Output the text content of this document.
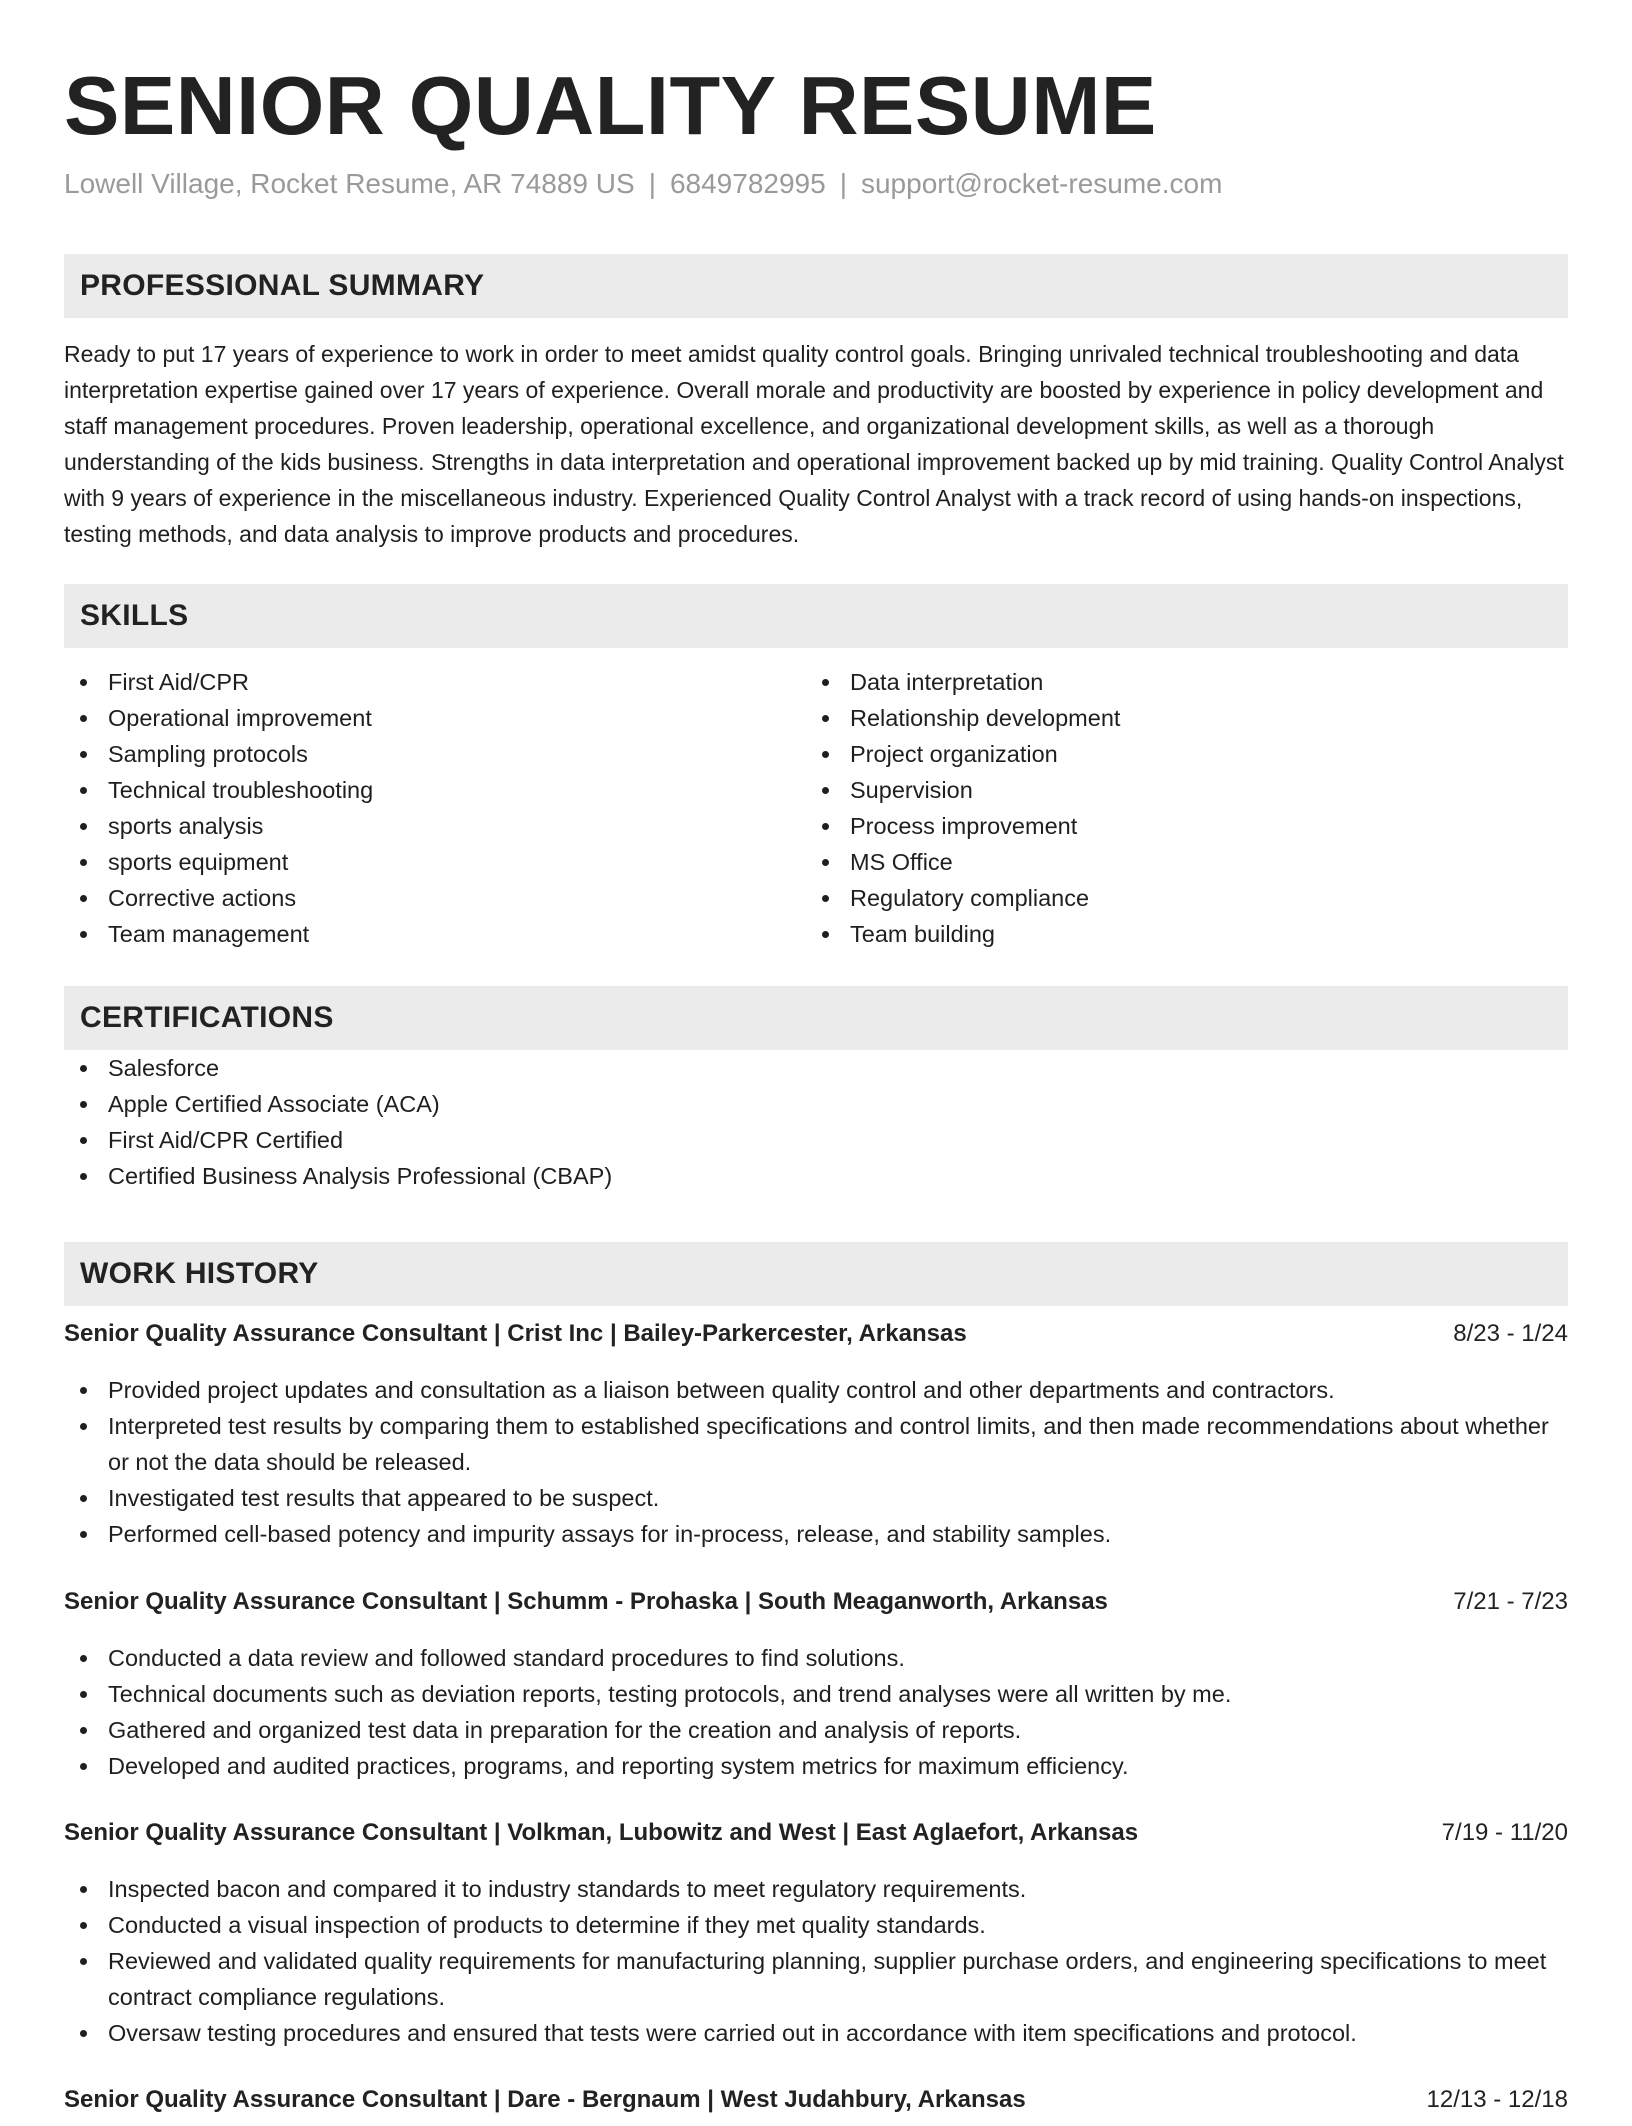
SENIOR QUALITY RESUME
Lowell Village, Rocket Resume, AR 74889 US | 6849782995 | support@rocket-resume.com
PROFESSIONAL SUMMARY

Ready to put 17 years of experience to work in order to meet amidst quality control goals. Bringing unrivaled technical troubleshooting and data interpretation expertise gained over 17 years of experience. Overall morale and productivity are boosted by experience in policy development and staff management procedures. Proven leadership, operational excellence, and organizational development skills, as well as a thorough understanding of the kids business. Strengths in data interpretation and operational improvement backed up by mid training. Quality Control Analyst with 9 years of experience in the miscellaneous industry. Experienced Quality Control Analyst with a track record of using hands-on inspections, testing methods, and data analysis to improve products and procedures.

SKILLS
First Aid/CPR
Operational improvement
Sampling protocols
Technical troubleshooting
sports analysis
sports equipment
Corrective actions
Team management
Data interpretation
Relationship development
Project organization
Supervision
Process improvement
MS Office
Regulatory compliance
Team building
CERTIFICATIONS
Salesforce
Apple Certified Associate (ACA)
First Aid/CPR Certified
Certified Business Analysis Professional (CBAP)
WORK HISTORY
Senior Quality Assurance Consultant | Crist Inc | Bailey-Parkercester, Arkansas	8/23 - 1/24
Provided project updates and consultation as a liaison between quality control and other departments and contractors.
Interpreted test results by comparing them to established specifications and control limits, and then made recommendations about whether or not the data should be released.
Investigated test results that appeared to be suspect.
Performed cell-based potency and impurity assays for in-process, release, and stability samples.
Senior Quality Assurance Consultant | Schumm - Prohaska | South Meaganworth, Arkansas	7/21 - 7/23
Conducted a data review and followed standard procedures to find solutions.
Technical documents such as deviation reports, testing protocols, and trend analyses were all written by me.
Gathered and organized test data in preparation for the creation and analysis of reports.
Developed and audited practices, programs, and reporting system metrics for maximum efficiency.
Senior Quality Assurance Consultant | Volkman, Lubowitz and West | East Aglaefort, Arkansas	7/19 - 11/20
Inspected bacon and compared it to industry standards to meet regulatory requirements.
Conducted a visual inspection of products to determine if they met quality standards.
Reviewed and validated quality requirements for manufacturing planning, supplier purchase orders, and engineering specifications to meet contract compliance regulations.
Oversaw testing procedures and ensured that tests were carried out in accordance with item specifications and protocol.
Senior Quality Assurance Consultant | Dare - Bergnaum | West Judahbury, Arkansas	12/13 - 12/18
